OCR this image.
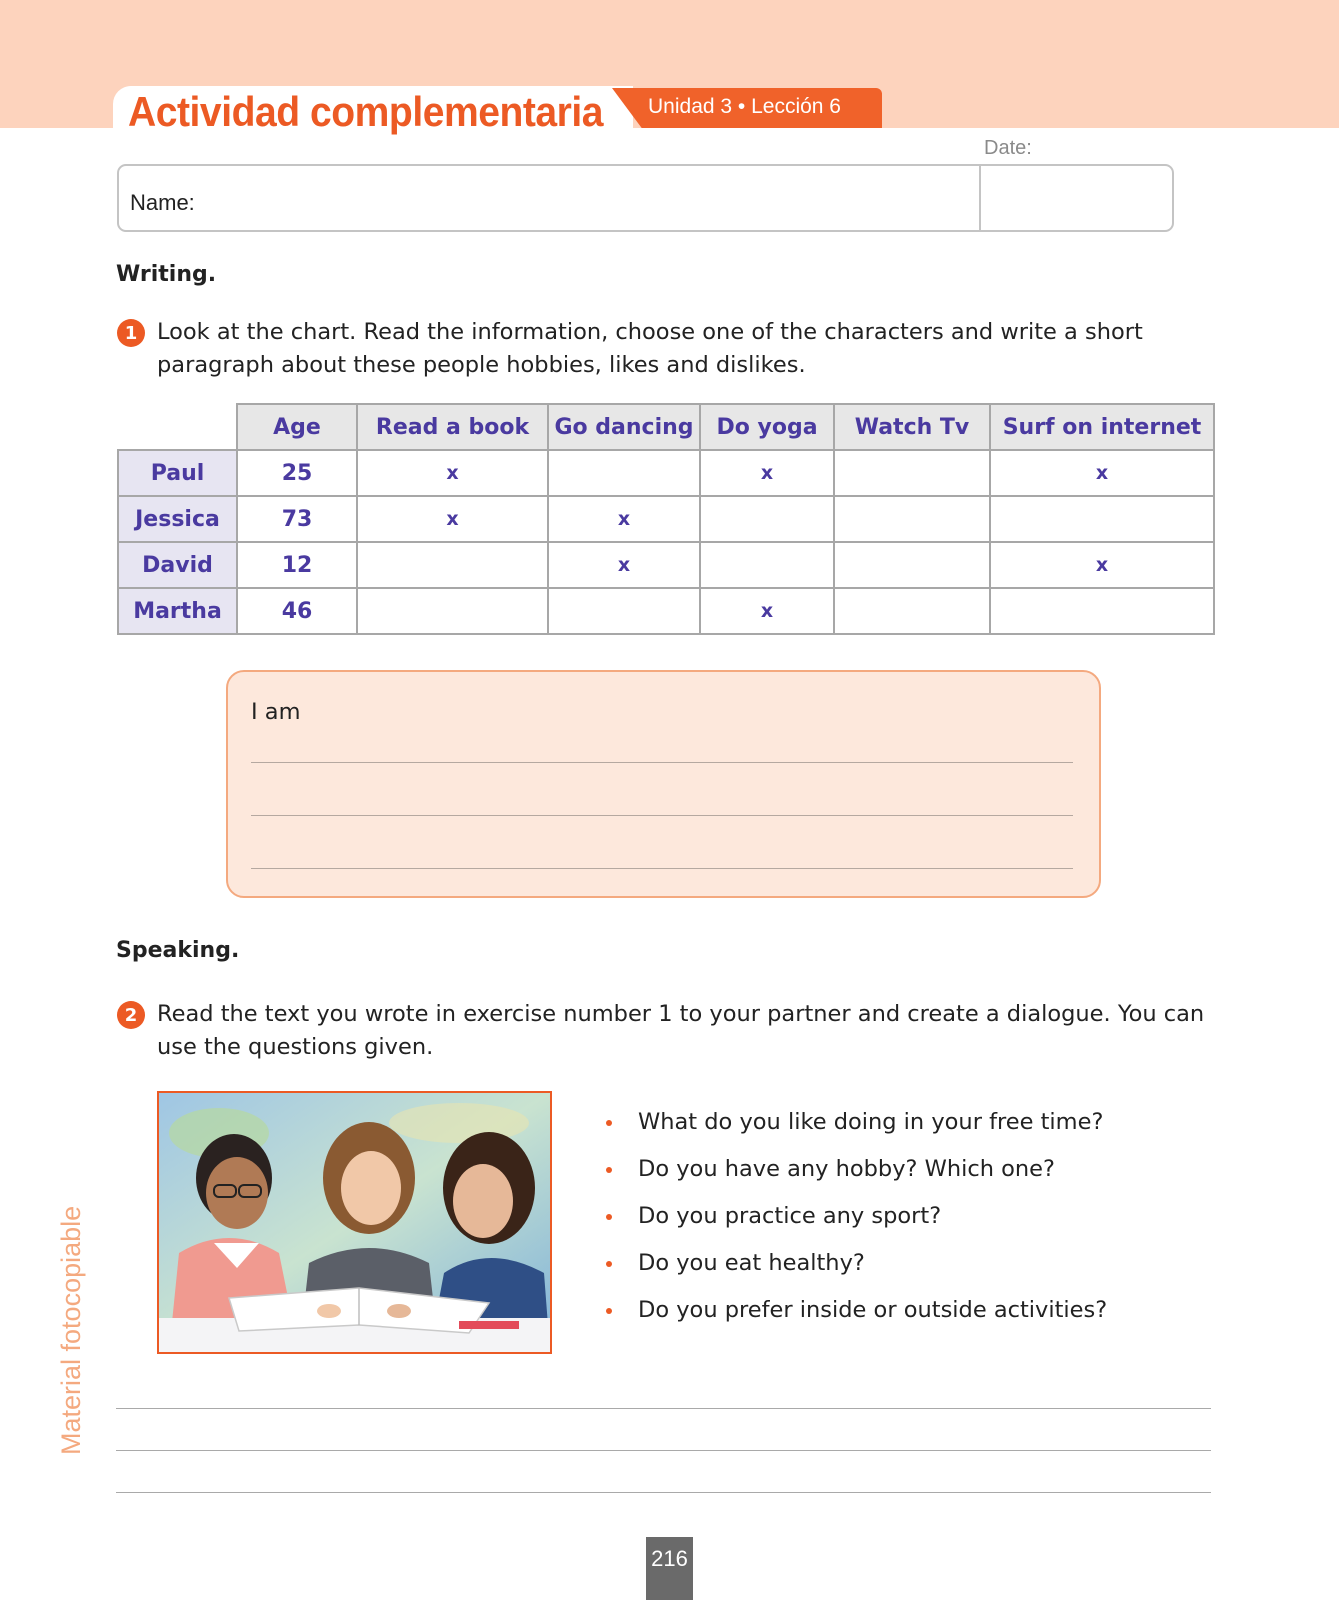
Actividad complementaria Unidad 3 • Lección 6
Date:
Name:
Writing.
1 Look at the chart. Read the information, choose one of the characters and write a short paragraph about these people hobbies, likes and dislikes.
	Age	Read a book	Go dancing	Do yoga	Watch Tv	Surf on internet
Paul	25	x		x		x
Jessica	73	x	x			
David	12		x			x
Martha	46			x		
I am
Speaking.
2 Read the text you wrote in exercise number 1 to your partner and create a dialogue. You can use the questions given.
What do you like doing in your free time?
Do you have any hobby? Which one?
Do you practice any sport?
Do you eat healthy?
Do you prefer inside or outside activities?
Material fotocopiable
216
